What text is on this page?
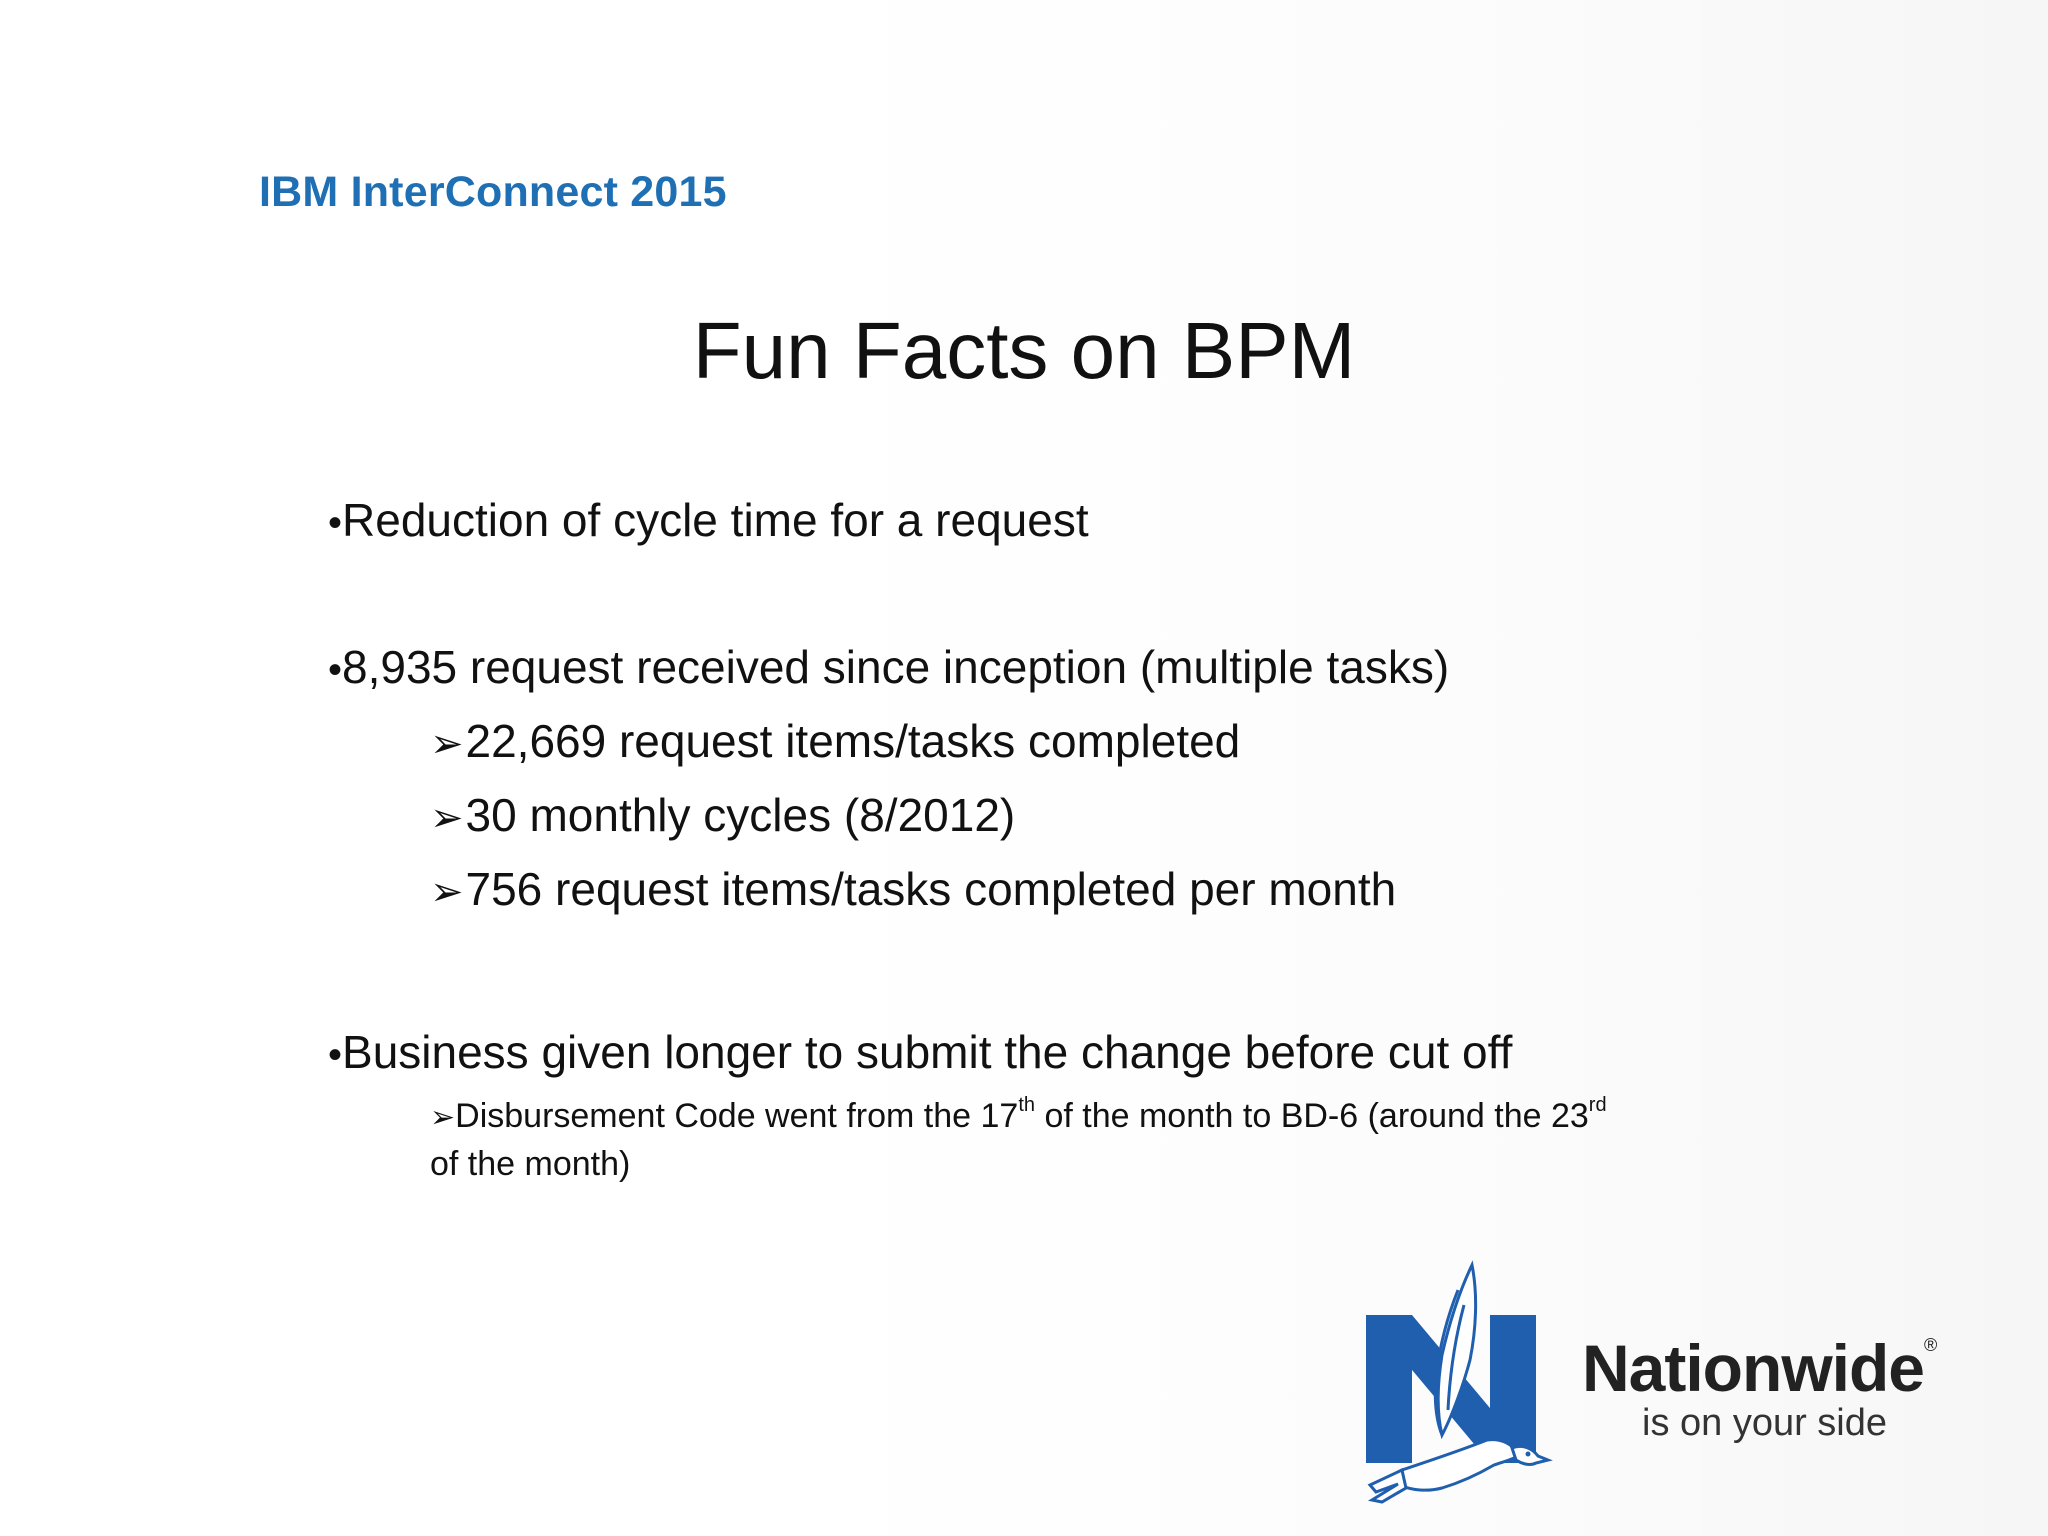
IBM InterConnect 2015
Fun Facts on BPM
•Reduction of cycle time for a request
•8,935 request received since inception (multiple tasks)
➢22,669 request items/tasks completed
➢30 monthly cycles (8/2012)
➢756 request items/tasks completed per month
•Business given longer to submit the change before cut off
➢Disbursement Code went from the 17th of the month to BD-6 (around the 23rd
of the month)
Nationwide®
is on your side
